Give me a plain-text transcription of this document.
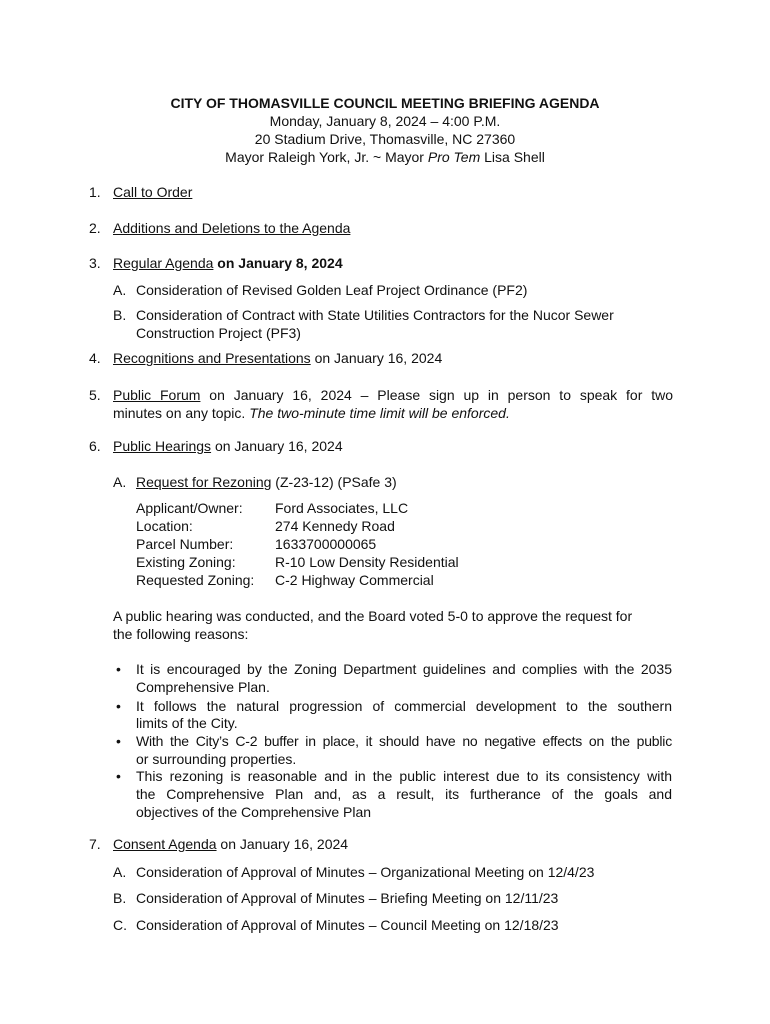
CITY OF THOMASVILLE COUNCIL MEETING BRIEFING AGENDA
Monday, January 8, 2024 – 4:00 P.M.
20 Stadium Drive, Thomasville, NC 27360
Mayor Raleigh York, Jr. ~ Mayor Pro Tem Lisa Shell
1. Call to Order
2. Additions and Deletions to the Agenda
3. Regular Agenda on January 8, 2024
A. Consideration of Revised Golden Leaf Project Ordinance (PF2)
B. Consideration of Contract with State Utilities Contractors for the Nucor Sewer
Construction Project (PF3)
4. Recognitions and Presentations on January 16, 2024
5. Public Forum on January 16, 2024 – Please sign up in person to speak for two
minutes on any topic. The two-minute time limit will be enforced.
6. Public Hearings on January 16, 2024
A. Request for Rezoning (Z-23-12) (PSafe 3)
Applicant/Owner: Ford Associates, LLC
Location:	274 Kennedy Road
Parcel Number:	1633700000065
Existing Zoning:	R-10 Low Density Residential
Requested Zoning: C-2 Highway Commercial
A public hearing was conducted, and the Board voted 5-0 to approve the request for
the following reasons:
• It is encouraged by the Zoning Department guidelines and complies with the 2035
Comprehensive Plan.
• It follows the natural progression of commercial development to the southern
limits of the City.
• With the City’s C-2 buffer in place, it should have no negative effects on the public
or surrounding properties.
• This rezoning is reasonable and in the public interest due to its consistency with
the Comprehensive Plan and, as a result, its furtherance of the goals and
objectives of the Comprehensive Plan
7. Consent Agenda on January 16, 2024
A. Consideration of Approval of Minutes – Organizational Meeting on 12/4/23
B. Consideration of Approval of Minutes – Briefing Meeting on 12/11/23
C. Consideration of Approval of Minutes – Council Meeting on 12/18/23
